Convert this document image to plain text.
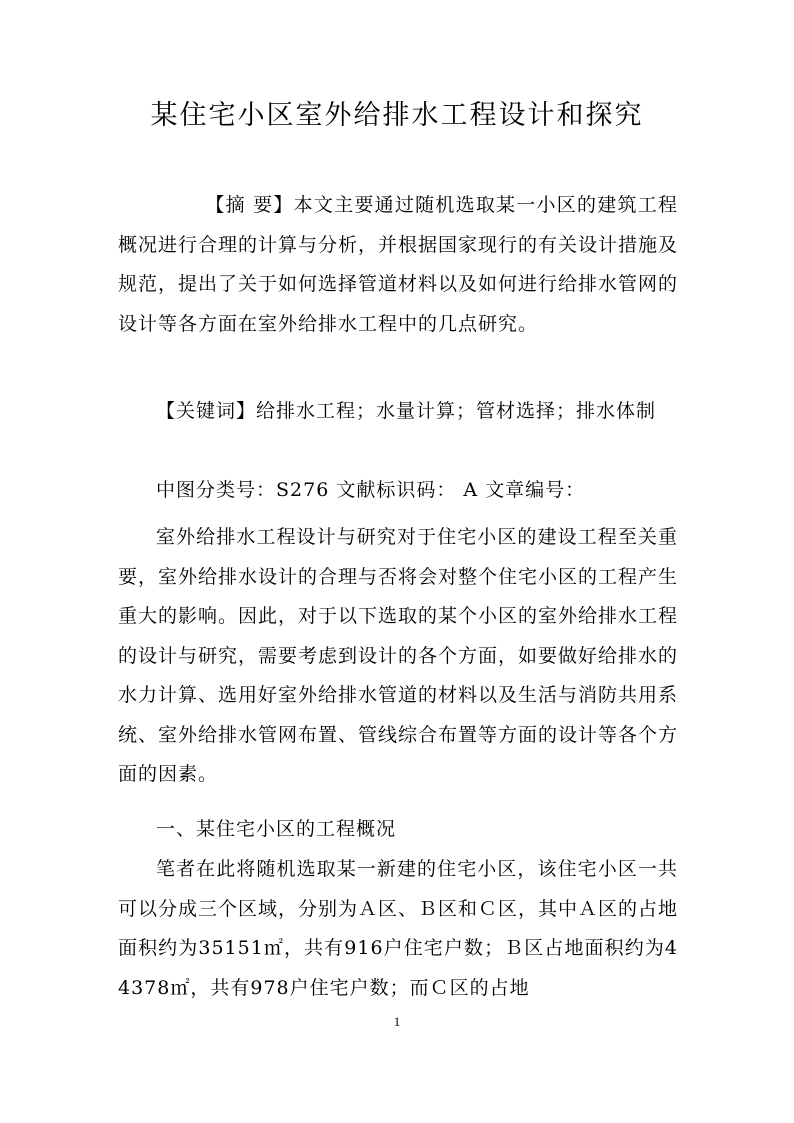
某住宅小区室外给排水工程设计和探究

【摘 要】本文主要通过随机选取某一小区的建筑工程概况进行合理的计算与分析，并根据国家现行的有关设计措施及规范，提出了关于如何选择管道材料以及如何进行给排水管网的设计等各方面在室外给排水工程中的几点研究。

【关键词】给排水工程；水量计算；管材选择；排水体制

中图分类号：S276 文献标识码： A 文章编号：

室外给排水工程设计与研究对于住宅小区的建设工程至关重要，室外给排水设计的合理与否将会对整个住宅小区的工程产生重大的影响。因此，对于以下选取的某个小区的室外给排水工程的设计与研究，需要考虑到设计的各个方面，如要做好给排水的水力计算、选用好室外给排水管道的材料以及生活与消防共用系统、室外给排水管网布置、管线综合布置等方面的设计等各个方面的因素。

一、某住宅小区的工程概况

笔者在此将随机选取某一新建的住宅小区，该住宅小区一共可以分成三个区域，分别为Ａ区、Ｂ区和Ｃ区，其中Ａ区的占地面积约为35151㎡，共有916户住宅户数；Ｂ区占地面积约为44378㎡，共有978户住宅户数；而Ｃ区的占地

1
